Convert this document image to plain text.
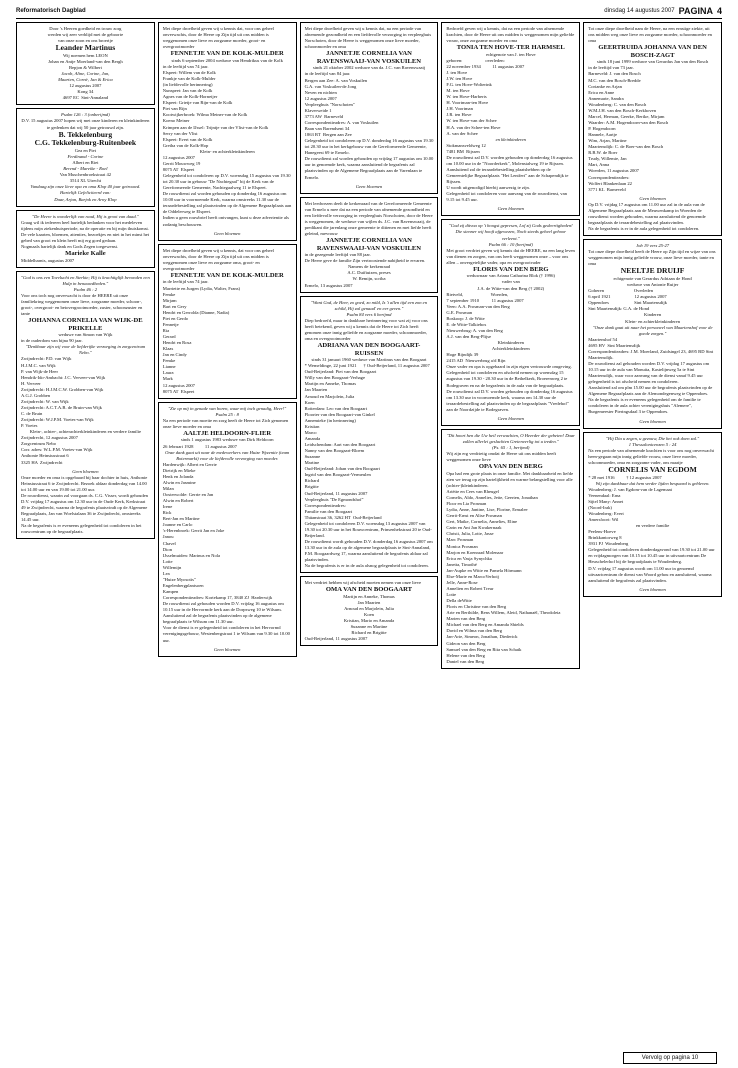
Reformatorisch Dagblad	dinsdag 14 augustus 2007 PAGINA 4
Door 's Heeren goedheid en trouw zorg
werden wij zeer verblijd met de geboorte
van onze zoon en ons broertje
Leander Martinus
Wij noemen hem LEON
Johan en Antje Moerland-van den Bergh
Bepjon & Wilbert
Jacob, Aline, Corine, Jan,
Maarten, Cornè, Jan & Erica
12 augustus 2007
Kong 34
4697 EC  Sint-Annaland
Psalm 126 : 3 (onberijmd)
D.V. 15 augustus 2007 hopen wij met onze kinderen en kleinkinderen te gedenken dat wij 50 jaar getrouwd zijn.
B. Tekkelenburg
C.G. Tekkelenburg-Ruitenbeek
Gea en Piet
Ferdinand - Corine
Albert en Riet
Berend - Mareike - Roel
Van Muschenbroekstraat 42
3514 XL Utrecht
Vandaag zijn onze lieve opa en oma Klop 40 jaar getrouwd.
Hartelijk Gefeliciteerd van:
Daar, Arjan, Barjok en Arny Klop
"De Heere is wonderlijk van raad, Hij is groot van daad."
Graag wil ik iedereen heel hartelijk bedanken voor het medeleven tijdens mijn ziekenhuisperiode, na de operatie en bij mijn thuiskomst. De vele kaarten, bloemen, attenties, bezoekjes en niet in het minst het gebed van groot en klein heeft mij erg goed gedaan.
Nogmaals hartelijk dank en Gods Zegen toegewenst.
Marieke Kalle
Middelharnis, augustus 2007
"God is ons een Toevlucht en Sterkte; Hij is krachtiglijk bevonden een Hulp in benauwdheden."
Psalm 46 : 2
Voor ons toch nog onverwacht is door de HEERE uit onze familiekring weggenomen onze lieve, zorgzame moeder, schoon-, groot-, overgroot- en betovergrootmoeder, zuster, schoonzuster en tante
JOHANNA CORNELIA VAN WIJK-DE PRIKELLE
weduwe van Simon van Wijk
in de ouderdom van bijna 90 jaar.
"Denkbaar zijn wij voor de liefderijke verzorging in zorgcentrum Nebo."
Zwijndrecht: P.D. van Wijk
H.J.M.C. van Wijk
P. van Wijk-de Heer
Hendrik-Ido-Ambacht: J.C. Verveer-van Wijk
H. Verveer
Zwijndrecht: H.J.M.C.W. Grobben-van Wijk
A.G.J. Grobben
Zwijndrecht: W. van Wijk
Zwijndrecht: A.C.T.A.B. de Bruin-van Wijk
C. de Bruin
Zwijndrecht: W.J.P.M. Voetes-van Wijk
P. Voetes
Klein-, achter-, achterachterkleinkinderen en verdere familie
Zwijndrecht, 12 augustus 2007
Zorgcentrum Nebo
Corr. adres: W.L.P.M. Voetes-van Wijk
Anthonie Heinsiusstraat 6
3325 HA  Zwijndrecht
Geen bloemen
Onze moeder en oma is opgebaard bij haar dochter in huis, Anthonie Heinsiusstraat 6 te Zwijndrecht. Bezoek aldaar donderdag van 14.00 tot 14.00 uur en van 19.00 tot 21.00 uur.
De rouwdienst, waarin zal voorgaan ds. C.G. Visser, wordt gehouden D.V. vrijdag 17 augustus om 12.30 uur in de Oude Kerk, Kerkstraat 49 te Zwijndrecht, waarna de begrafenis plaatsvindt op de Algemene Begraafplaats, Jan van Woelstalaan 36 te Zwijndrecht, omstreeks 14.45 uur.
Na de begrafenis is er eveneens gelegenheid tot condoleren in het rouwcentrum op de begraafplaats.
Met diepe droefheid geven wij u kennis dat, voor ons geheel onverwachts, door de Heere op Zijn tijd uit ons midden is weggenomen onze lieve en zorgzame moeder, groot- en overgrootmoeder
FENNETJE VAN DE KOLK-MULDER
sinds 6 september 2004 weduwe van Hendrikus van de Kolk
in de leeftijd van 74 jaar.
Elspeet: Willem van de Kolk
Frankje van de Kolk-Mulder
(in liefdevolle herinnering)
Nunspeet: Jan van de Kolk
Agnes van de Kolk-Horneijer
Elspeet: Grietje van Rijn-van de Kolk
Piet van Rijn
Kootwijkerbroek: Wilma Meiner-van de Kolk
Koeno Meiner
Krimpen aan de IJssel: Trijntje van der Vlist-van de Kolk
Serry van der Vlist
Elspeet: Evert van de Kolk
Gretha van de Kolk-Hop
Klein- en achterkleinkinderen
12 augustus 2007
Gerrit Mouwweg 19
8075 AT  Elspeet
Gelegenheid tot condoleren op D.V. woensdag 15 augustus van 19.30 tot 20.30 uur in gebouw "De Nachtegaal" bij de Kerk van de Gereformeerde Gemeente, Nachtegaalweg 11 te Elspeet.
De rouwdienst zal worden gehouden op donderdag 16 augustus om 10.00 uur in voornoemde Kerk, waarna omstreeks 11.30 uur de teraardebestelling zal plaatsvinden op de Algemene Begraafplaats aan de Oddelerweg te Elspeet.
Indien u geen rouwbrief heeft ontvangen, kunt u deze advertentie als zodanig beschouwen.
Geen bloemen
Met diepe droefheid geven wij u kennis, dat voor ons geheel onverwachts, door de Heere op Zijn tijd uit ons midden is weggenomen onze lieve en zorgzame oma, groot- en overgrootmoeder
FENNETJE VAN DE KOLK-MULDER
in de leeftijd van 74 jaar.
Marriette en Jurgen (Lydia, Walter, Frans)
Femke
Mirjam
Bart en Gery
Hendri en Gerrolda (Dianne, Nadia)
Piet en Gerdo
Fennetje
Ria
Gerard
Hendri en Rosa
Klaas
Jan en Cindy
Femke
Lianne
Laura
Mark
12 augustus 2007
8075 AT  Elspeet
"Zie op mij in genade van horen, waar mij toch genadig, Heer!"
Psalm 25 : 8
Na een periode van moeite en zorg heeft de Heere tot Zich genomen onze lieve moeder en oma
AALTJE HELDOORN-FLIER
sinds 1 augustus 1983 weduwe van Dirk Heldoorn
26 februari 1928          11 augustus 2007
Onze dank gaat uit naar de medewerkers van Huize Wyzentie (team Botermarkt) voor de liefdevolle verzorging van moeder.
Hardenwijk: Albert en Gerrie
Dietrijk en Mieke
Henk en Jolanda
Alwin en Jasmine
Milan
Oosterwolde: Gerrie en Jan
Alwin en Robert
Irene
Rick
Bert-Jan en Martine
Joanne en Carlo
's-Herenbroek: Gerrit Jan en Joke
Janou
Chavel
Dion
IJsselmuiden: Marinus en Nola
Lotte
Willemijn
Lea
"Huize Myosotis"
Engelenbergplantsoen
Kampen
Correspondentieadres: Kortekamp 17, 3840 ZJ  Harderwijk
De rouwdienst zal gehouden worden D.V. vrijdag 16 augustus om 10.15 uur in de Hervormde kerk aan de Dorpsweg 10 te Wilsum. Aansluitend zal de begrafenis plaatsvinden op de algemene begraafplaats te Wilsum om 11.30 uur.
Voor de dienst is er gelegenheid tot condoleren in het Hervormd verenigingsgebouw, Westenbergstraat 1 te Wilsum van 9.30 tot 10.00 uur.
Geen bloemen
Met diepe droefheid geven wij u kennis dat, na een periode van afnemende gezondheid en een liefdevolle verzorging in verpleeghuis Norschoten, door de Heere is weggenomen onze lieve moeder, schoonmoeder en oma
JANNETJE CORNELIA VAN RAVENSWAAIJ-VAN VOSKUILEN
sinds 21 oktober 2002 weduwe van da. J.C. van Ravenswaaij
in de leeftijd van 84 jaar.
Bergen aan Zee: A. van Voskuilen
G.A. van Voskuilen-de Jong
Neven en nichten
12 augustus 2007
Verpleeghuis "Norschoten"
Klaverweide 1
3773 AW  Barneveld
Correspondentieadres: A. van Voskuilen
Baan van Barendsent 34
1863 BT  Bergen aan Zee
Gelegenheid tot condoleren op D.V. donderdag 16 augustus van 19.30 tot 20.30 uur in het kerkgebouw van de Gereformeerde Gemeente, Hanegeest 69 te Ermelo.
De rouwdienst zal worden gehouden op vrijdag 17 augustus om 10.00 uur in genoemde kerk, waarna aansluitend de begrafenis zal plaatsvinden op de Algemene Begraafplaats aan de Varenlaan te Ermelo.
Geen bloemen
Met leedwezen deelt de kerkenraad van de Gereformeerde Gemeente van Ermelo u mee dat na een periode van afnemende gezondheid en een liefdevolle verzorging in verpleeghuis Norschoten, door de Heere is weggenomen, de weduwe van wijlen ds. J.C. van Ravenswaaij, de predikant die jarenlang onze gemeente te ditienen en met liefde heeft geleind, mevrouw
JANNETJE CORNELIA VAN RAVENSWAAIJ-VAN VOSKUILEN
in de gezegende leeftijd van 88 jaar.
De Heere geve de familie Zijn vertroostende nabijheid te ervaren.
Namens de kerkenraad
A.C. Duiftuizen, preses
W. Remijn, scriba
Ermelo, 13 augustus 2007
"Want God, de Heer, zo goed, zo mild, Is 't allen tijd een zon en schild, Hij zal genaad' en eer geven."
Psalm 84 vers 6 berijmd
Diep bedroefd, maar in dankbare herinnering voor wat zij voor ons heeft betekend, geven wij u kennis dat de Heere tot Zich heeft genomen onze innig geliefde en zorgzame moeder, schoonmoeder, oma en overgrootmoeder
ADRIANA VAN DEN BOOGAART-RUISSEN
sinds 31 januari 1960 weduwe van Martinus van den Boogaart
* Wemeldinge, 22 juni 1921      † Oud-Beijerland, 11 augustus 2007
Oud-Beijerland: Piet van den Boogaart
Willy van den Boogaart-Verhage
Martijn en Anneke, Thomas
Jan Maarten
Arnoud en Marjolein, Julia
Koen
Rotterdam: Leo van den Boogaart
Floorter van den Boogaart-van Ginkel
Annemieke (in herinnering)
Kristian
Marco
Amanda
Leidschendam: Aart van den Boogaart
Nanny van den Boogaart-Bloem
Suzanne
Martine
Oud-Beijerland: Johan van den Boogaart
Ingrid van den Boogaart-Vermeulen
Richard
Brigitte
Oud-Beijerland, 11 augustus 2007
Verpleeghuis "De Egmondshof"
Correspondentieadres:
Familie van den Boogaart
Thüanstraat 36, 3262 HT  Oud-Beijerland
Gelegenheid tot condoleren D.V. woensdag 13 augustus 2007 van 19.30 tot 20.30 uur in het Rouwcentrum, Prinsenhekstraat 20 te Oud-Beijerland.
De rouwdienst wordt gehouden D.V. donderdag 16 augustus 2007 om 13.30 uur in de aula op de algemene begraafplaats te Sint-Annaland, F.M. Boogaardweg 17, waarna aansluitend de begrafenis aldaar zal plaatsvinden.
Na de begrafenis is er in de aula alsnog gelegenheid tot condoleren.
Met verdriet hebben wij afscheid moeten nemen van onze lieve
OMA VAN DEN BOOGAART
Martijn en Anneke, Thomas
Jan Maarten
Arnoud en Marjolein, Julia
Koen
Kristian, Mario en Amanda
Suzanne en Martine
Richard en Brigitte
Oud-Beijerland, 11 augustus 2007
Bedroefd geven wij u kennis, dat na een periode van afnemende krachten, door de Heere uit ons midden is weggenomen mijn geliefde vrouw, onze zorgzame moeder en oma
TONIA TEN HOVE-TER HARMSEL
echtgenote van J. ten Hove
geboren:                    overleden:
22 november 1934          11 augustus 2007
J. ten Hove
J.W. ten Hove
F.G. ten Hove-Wolterink
M. ten Hove
W. ten Hove-Harberts
H. Voortman-ten Hove
J.H. Voortman
J.R. ten Hove
W. ten Hove-van der Schee
H.A. van der Schee-ten Hove
A. van der Schee
en kleinkinderen
Stokmansveldweg 12
7481 BM  Rijssen
De rouwdienst zal D.V. worden gehouden op donderdag 16 augustus om 10.00 uur in de "Noorderkerk", Molenstalweg 19 te Rijssen.
Aansluitend zal de teraardebestelling plaatshebben op de Gemeentelijke Begraafplaats "Het Lentfert" aan de Schapendijk te Rijssen.
U wordt uitgenodigd hierbij aanwezig te zijn.
Gelegenheid tot condoleren voor aanvang van de rouwdienst, van 9.15 tot 9.45 uur.
Geen bloemen
"God zij ditvoa op 't hoogst gepresen, Lof zij Gods gedeertigheden! Die sienner wij hooft afgewezen, Noch steeds geheel gehoor verleent."
Psalm 66 : 10 (berijmd)
Met groot verdriet geven wij kennis dat de HEERE, na een lang leven van dienen en zorgen, van ons heeft weggenomen onze – voor ons allen – onvergetelijke vader, opa en overgrootvader
FLORIS VAN DEN BERG
weduwnaar van Ariana Catharina Blok († 1996)
vader van
J.A. de Witte-van den Berg († 2002)
Rietveld,                        Woerden,
7 september 1910           11 augustus 2007
Veen: A.A. Prosman-van den Berg
G.E. Prosman
Boskoop: J. de Witte
E. de Witte-Talkiebos
Nieuwerbrug: A. van den Berg
A.J. van den Berg-Plijse
Kleinkinderen
Achterkleinkinderen
Hoge Rijndijk 39
2415 AD  Nieuwerbrug a/d Rijn
Onze vader en opa is opgebaard in zijn eigen vertrouwde omgeving.
Gelegenheid tot condoleren en afscheid nemen op woensdag 15 augustus van 19.30 - 20.30 uur in de Bethelkerk, Broerenweg 2 te Bodegraven en na de begrafenis in de aula van de begraafplaats.
De rouwdienst zal D.V. worden gehouden op donderdag 16 augustus om 13.30 uur in voornoemde kerk, waarna om 14.30 uur de teraardebestelling zal plaatsvinden op de begraafplaats "Vredehof" aan de Noordzijde te Bodegraven.
Geen bloemen
"Dit hoort hen die Uw heil verwachten, O Heerder der gebeten! Daar zullen allerlei geslachten Gretenverlig tot u treden."
(Ps. 65 : 1, berijmd)
Wij zijn erg verdrietig omdat de Heere uit ons midden heeft weggenomen onze lieve
OPA VAN DEN BERG
Opa had een grote plaats in onze familie. Met dankbaarheid en liefde zien we terug op zijn hartelijkheid en warme belangstelling voor alle (achter-)kleinkinderen.
Ariëtte en Cees van Rheugel
Cornelis, Aldo, Annelies, Jette, Geerten, Jonathan
Floor en Lia Prosman
Lydia, Anne, Jantine, Lise, Florine, Ermalee
Gerrit-Ernst en Alise Prosman
Gert, Maike, Cornelia, Annelies, Eline
Carin en Ant Jan Kwakernaak
Christi, Julia, Lotte, Jasse
Marc Prosman
Monica Prosman
Marjon en Koenraad Molenaar
Erica en Vasja Synychka
Janetta, Timothé
Jan-Aupke en Witte en Pamela Hörmann
Else-Marie en MarcoVerhoij
Jelle, Anne-Rose
Annelien en Robert Treur
Lotte
Della deWitte
Floris en Christine van den Berg
Arie en Berthilde, Rens Willem, Aleid, Nathanaël, Theodoleia
Marten van den Berg
Michael van den Berg en Amanda Shields
David en Wilma van den Berg
Jan-Arie, Simeon, Jonathan, Diederick
Gideon van den Berg
Samuel van den Berg en Rita van Schaik
Helene van den Berg
Daniel van den Berg
Tot onze diepe droefheid nam de Heere, na een ernstige ziekte, uit ons midden weg onze lieve en zorgzame moeder, schoonmoeder en oma
GEERTRUIDA JOHANNA VAN DEN BOSCH-ZAGT
sinds 18 juni 1999 weduwe van Gerardus Jan van den Bosch
in de leeftijd van 73 jaar.
Barneveld: J. van den Bosch
M.C. van den Bosch-Bredde
Corianke en Arjan
Erica en Anne
Annemarie, Sandra
Woudenberg: C. van den Bosch
W.M.J.H. van den Bosch-Kerkhoven
Marcel, Herman, Geerke, Berike, Mirjam
Waarder: A.M. Hogendoorn-van den Bosch
P. Hogendoorn
Hannele, Aartje
Wim, Arjan, Martine
Maartensdijk: C. de Boer-van den Bosch
R.B.W. de Boer
Trudy, Willemie, Jan
Mart, Anna
Woerden, 11 augustus 2007
Correspondentieadres:
Wolfert Blankenlaan 22
3771 KL  Barneveld
Geen bloemen
Op D.V. vrijdag 17 augustus om 11.00 uur zal in de aula van de Algemene Begraafplaats aan de Meuwenkamp in Woerden de rouwdienst worden gehouden, waarna aansluitend de genoemde begraafplaats de teraardebestelling zal plaatsvinden.
Na de begrafenis is er in de aula gelegenheid tot condoleren.
Job 19 vers 25-27
Tot onze diepe droefheid heeft de Heere op Zijn tijd en wijze van ons weggenomen mijn innig geliefde vrouw, onze lieve moeder, tante en oma
NEELTJE DRUIJF
echtgenote van Gerardus Adriaan de Hond
weduwe van Antonie Ruijer
Goheren                          Overleden
6 april 1921                     12 augustus 2007
Oppendoes                      Sint Maartensdijk
Sint Maartensdijk: G.A. de Hond
Kinderen
Klein- en achterkleinkinderen
"Onze dank gaat uit naar het personeel van Maartenshof voor de goede zorgen."
Maartenshof 54
4695 HV  Sint Maartensdijk
Correspondentieadres: J.M. Moerland, Zuidsingel 23, 4695 BD Sint Maartensdijk.
De rouwdienst zal gehouden worden D.V. vrijdag 17 augustus om 10.15 uur in de aula van Monuita, Kastelijnweg 5a te Sint Maartensdijk, waar voor aanvang van de dienst vanaf 9.45 uur gelegenheid is tot afscheid nemen en condoleren.
Aansluitend zal om plm 15.00 uur de begrafenis plaatsvinden op de Algemene Begraafplaats aan de Alemondegenweg te Oppendoes.
Na de begrafenis is er eveneens gelegenheid om de familie te condoleren in de aula achter verenigingshuis "Alemere", Burgemeester Pieringsdaal 3 te Oppendoes.
Geen bloemen
"Hij Dia u zegen, u gezouw, Die het ook doen zal."
1 Thessalonicenzen 5 : 24
Na een periode van afnemende krachten is voor ons nog onverwacht heen-gegaan mijn innig geliefde vrouw, onze lieve moeder, schoonmoeder, oma en zorgzame vader, ons maatje
CORNELIS VAN EGDOM
* 28 mei 1916          † 12 augustus 2007
Wij zijn dankbaar dat hem verder lijden bespaard is gebleven.
Woudenberg: J. van Egdom-van de Lagemaat
Veenendaal: Erna
Sijtel Many: Annet
(Noord-Irak)
Woudenberg: Evert
Amersfoort: Wil
en verdere familie
Peelens-Hoeve
Brinkkantorweg 8
3931 PJ  Woudenberg
Gelegenheid tot condoleren donderdagavond van 19.30 tot 21.00 uur en vrijdagmorgen van 10.15 tot 10.45 uur in uitvaartcentrum De Heuschelerhof bij de begraafplaats te Woudenberg.
D.V. vrijdag 17 augustus wordt om 11.00 uur in genoemd uitvaartcentrum de dienst van Woord gehou en aansluitend, waarna aansluitend de begrafenis zal plaatsvinden.
Geen bloemen
Vervolg op pagina 10
